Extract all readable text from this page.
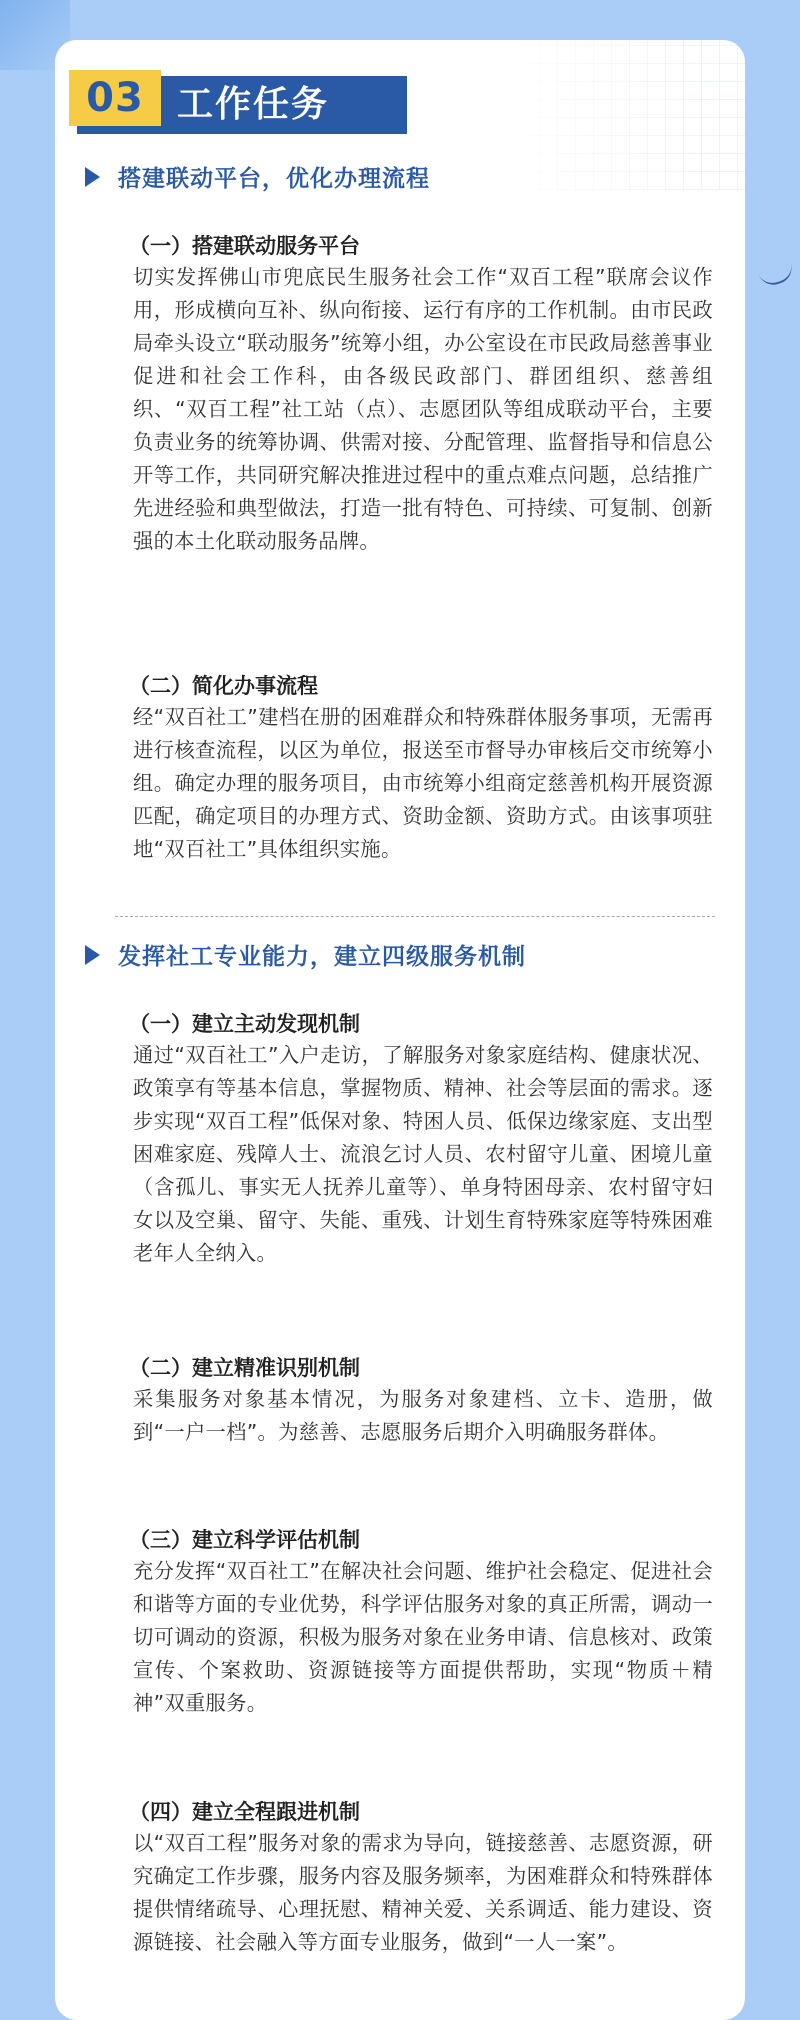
03 工作任务
搭建联动平台，优化办理流程
（一）搭建联动服务平台

切实发挥佛山市兜底民生服务社会工作“双百工程”联席会议作用，形成横向互补、纵向衔接、运行有序的工作机制。由市民政局牵头设立“联动服务”统筹小组，办公室设在市民政局慈善事业促进和社会工作科，由各级民政部门、群团组织、慈善组织、“双百工程”社工站（点）、志愿团队等组成联动平台，主要负责业务的统筹协调、供需对接、分配管理、监督指导和信息公开等工作，共同研究解决推进过程中的重点难点问题，总结推广先进经验和典型做法，打造一批有特色、可持续、可复制、创新强的本土化联动服务品牌。

（二）简化办事流程

经“双百社工”建档在册的困难群众和特殊群体服务事项，无需再进行核查流程，以区为单位，报送至市督导办审核后交市统筹小组。确定办理的服务项目，由市统筹小组商定慈善机构开展资源匹配，确定项目的办理方式、资助金额、资助方式。由该事项驻地“双百社工”具体组织实施。

发挥社工专业能力，建立四级服务机制
（一）建立主动发现机制

通过“双百社工”入户走访，了解服务对象家庭结构、健康状况、政策享有等基本信息，掌握物质、精神、社会等层面的需求。逐步实现“双百工程”低保对象、特困人员、低保边缘家庭、支出型困难家庭、残障人士、流浪乞讨人员、农村留守儿童、困境儿童（含孤儿、事实无人抚养儿童等）、单身特困母亲、农村留守妇女以及空巢、留守、失能、重残、计划生育特殊家庭等特殊困难老年人全纳入。

（二）建立精准识别机制

采集服务对象基本情况，为服务对象建档、立卡、造册，做到“一户一档”。为慈善、志愿服务后期介入明确服务群体。

（三）建立科学评估机制

充分发挥“双百社工”在解决社会问题、维护社会稳定、促进社会和谐等方面的专业优势，科学评估服务对象的真正所需，调动一切可调动的资源，积极为服务对象在业务申请、信息核对、政策宣传、个案救助、资源链接等方面提供帮助，实现“物质＋精神”双重服务。

（四）建立全程跟进机制

以“双百工程”服务对象的需求为导向，链接慈善、志愿资源，研究确定工作步骤，服务内容及服务频率，为困难群众和特殊群体提供情绪疏导、心理抚慰、精神关爱、关系调适、能力建设、资源链接、社会融入等方面专业服务，做到“一人一案”。
